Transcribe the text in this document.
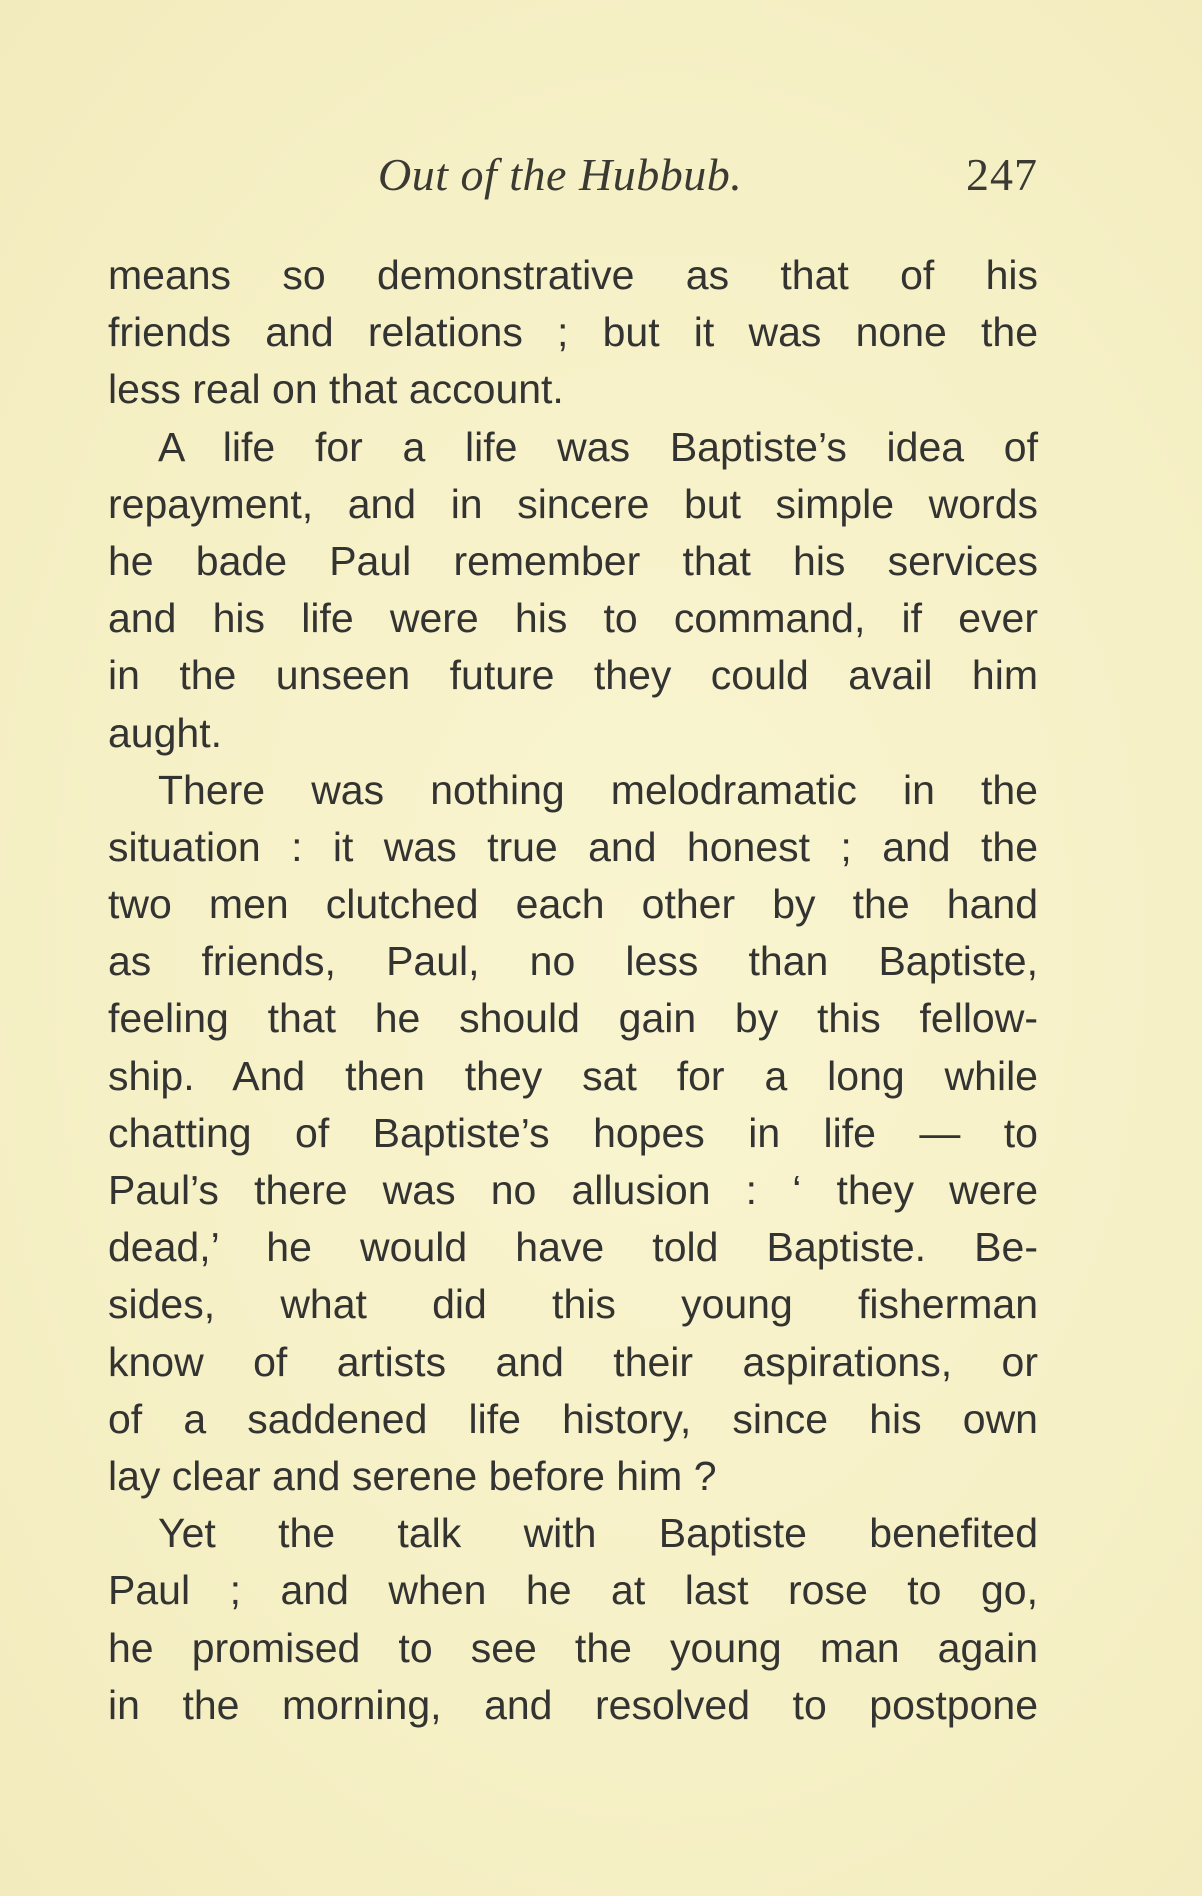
Out of the Hubbub.	247
means so demonstrative as that of his
friends and relations ; but it was none the
less real on that account.
A life for a life was Baptiste’s idea of
repayment, and in sincere but simple words
he bade Paul remember that his services
and his life were his to command, if ever
in the unseen future they could avail him
aught.
There was nothing melodramatic in the
situation : it was true and honest ; and the
two men clutched each other by the hand
as friends, Paul, no less than Baptiste,
feeling that he should gain by this fellow-
ship. And then they sat for a long while
chatting of Baptiste’s hopes in life — to
Paul’s there was no allusion : ‘ they were
dead,’ he would have told Baptiste. Be-
sides, what did this young fisherman
know of artists and their aspirations, or
of a saddened life history, since his own
lay clear and serene before him ?
Yet the talk with Baptiste benefited
Paul ; and when he at last rose to go,
he promised to see the young man again
in the morning, and resolved to postpone
